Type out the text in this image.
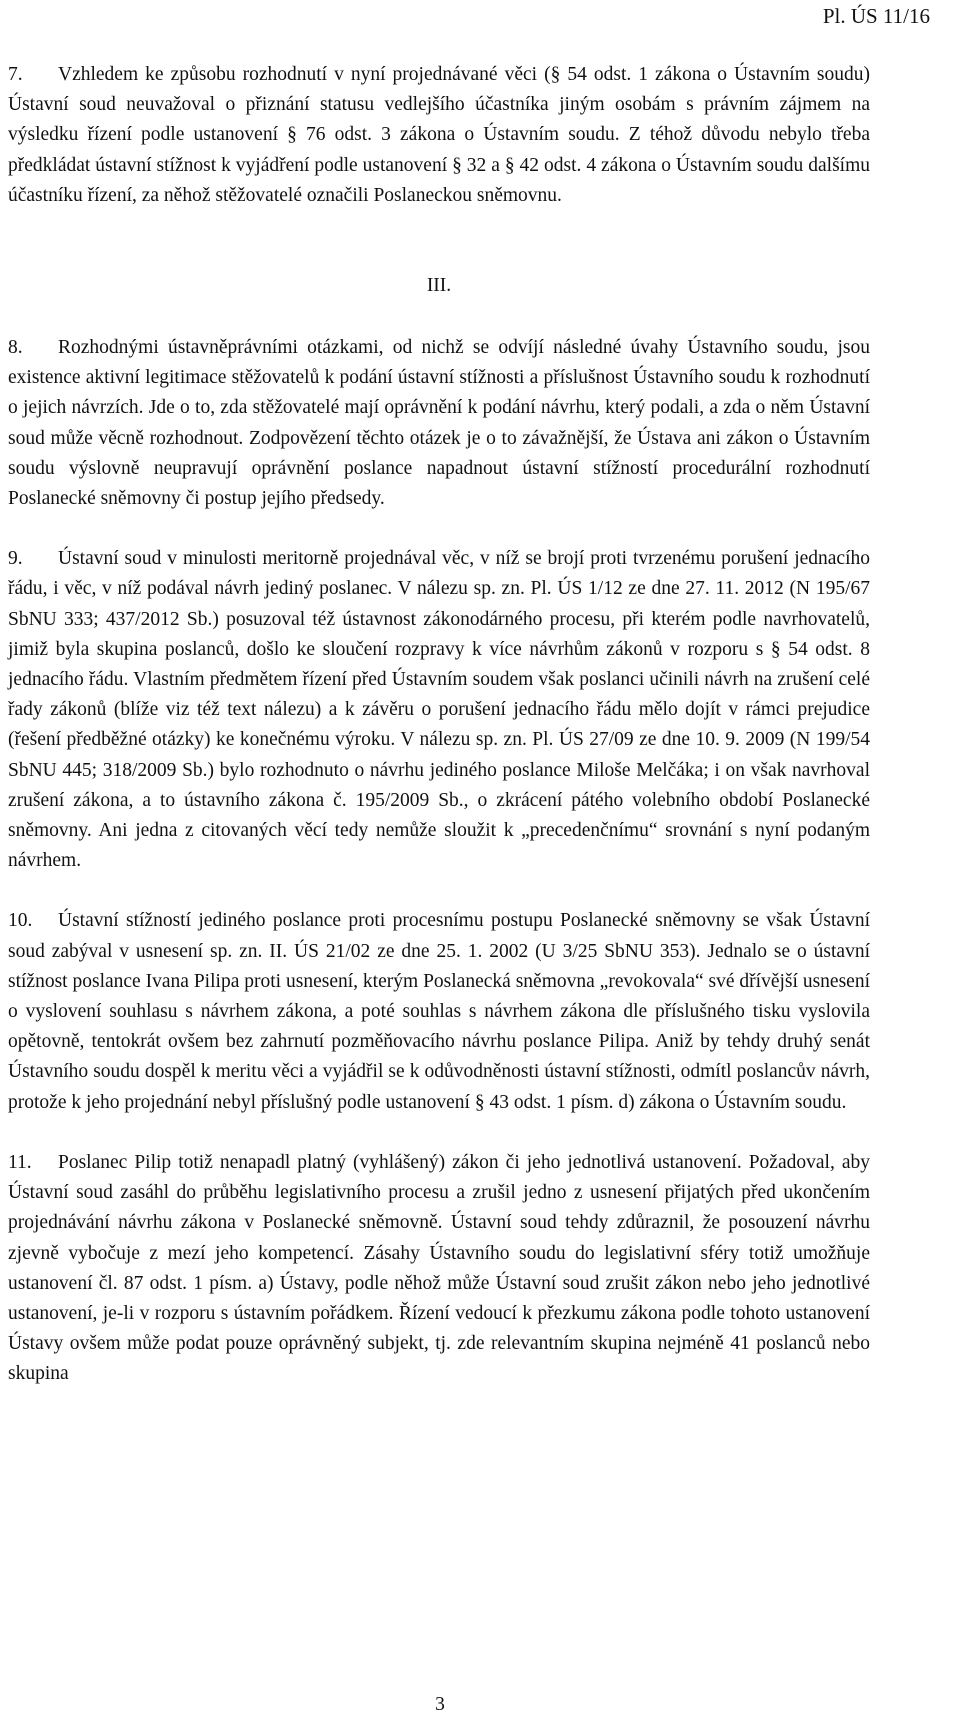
Pl. ÚS 11/16

7. Vzhledem ke způsobu rozhodnutí v nyní projednávané věci (§ 54 odst. 1 zákona o Ústavním soudu) Ústavní soud neuvažoval o přiznání statusu vedlejšího účastníka jiným osobám s právním zájmem na výsledku řízení podle ustanovení § 76 odst. 3 zákona o Ústavním soudu. Z téhož důvodu nebylo třeba předkládat ústavní stížnost k vyjádření podle ustanovení § 32 a § 42 odst. 4 zákona o Ústavním soudu dalšímu účastníku řízení, za něhož stěžovatelé označili Poslaneckou sněmovnu.

III.

8. Rozhodnými ústavněprávními otázkami, od nichž se odvíjí následné úvahy Ústavního soudu, jsou existence aktivní legitimace stěžovatelů k podání ústavní stížnosti a příslušnost Ústavního soudu k rozhodnutí o jejich návrzích. Jde o to, zda stěžovatelé mají oprávnění k podání návrhu, který podali, a zda o něm Ústavní soud může věcně rozhodnout. Zodpovězení těchto otázek je o to závažnější, že Ústava ani zákon o Ústavním soudu výslovně neupravují oprávnění poslance napadnout ústavní stížností procedurální rozhodnutí Poslanecké sněmovny či postup jejího předsedy.

9. Ústavní soud v minulosti meritorně projednával věc, v níž se brojí proti tvrzenému porušení jednacího řádu, i věc, v níž podával návrh jediný poslanec. V nálezu sp. zn. Pl. ÚS 1/12 ze dne 27. 11. 2012 (N 195/67 SbNU 333; 437/2012 Sb.) posuzoval též ústavnost zákonodárného procesu, při kterém podle navrhovatelů, jimiž byla skupina poslanců, došlo ke sloučení rozpravy k více návrhům zákonů v rozporu s § 54 odst. 8 jednacího řádu. Vlastním předmětem řízení před Ústavním soudem však poslanci učinili návrh na zrušení celé řady zákonů (blíže viz též text nálezu) a k závěru o porušení jednacího řádu mělo dojít v rámci prejudice (řešení předběžné otázky) ke konečnému výroku. V nálezu sp. zn. Pl. ÚS 27/09 ze dne 10. 9. 2009 (N 199/54 SbNU 445; 318/2009 Sb.) bylo rozhodnuto o návrhu jediného poslance Miloše Melčáka; i on však navrhoval zrušení zákona, a to ústavního zákona č. 195/2009 Sb., o zkrácení pátého volebního období Poslanecké sněmovny. Ani jedna z citovaných věcí tedy nemůže sloužit k „precedenčnímu“ srovnání s nyní podaným návrhem.

10. Ústavní stížností jediného poslance proti procesnímu postupu Poslanecké sněmovny se však Ústavní soud zabýval v usnesení sp. zn. II. ÚS 21/02 ze dne 25. 1. 2002 (U 3/25 SbNU 353). Jednalo se o ústavní stížnost poslance Ivana Pilipa proti usnesení, kterým Poslanecká sněmovna „revokovala“ své dřívější usnesení o vyslovení souhlasu s návrhem zákona, a poté souhlas s návrhem zákona dle příslušného tisku vyslovila opětovně, tentokrát ovšem bez zahrnutí pozměňovacího návrhu poslance Pilipa. Aniž by tehdy druhý senát Ústavního soudu dospěl k meritu věci a vyjádřil se k odůvodněnosti ústavní stížnosti, odmítl poslancův návrh, protože k jeho projednání nebyl příslušný podle ustanovení § 43 odst. 1 písm. d) zákona o Ústavním soudu.

11. Poslanec Pilip totiž nenapadl platný (vyhlášený) zákon či jeho jednotlivá ustanovení. Požadoval, aby Ústavní soud zasáhl do průběhu legislativního procesu a zrušil jedno z usnesení přijatých před ukončením projednávání návrhu zákona v Poslanecké sněmovně. Ústavní soud tehdy zdůraznil, že posouzení návrhu zjevně vybočuje z mezí jeho kompetencí. Zásahy Ústavního soudu do legislativní sféry totiž umožňuje ustanovení čl. 87 odst. 1 písm. a) Ústavy, podle něhož může Ústavní soud zrušit zákon nebo jeho jednotlivé ustanovení, je-li v rozporu s ústavním pořádkem. Řízení vedoucí k přezkumu zákona podle tohoto ustanovení Ústavy ovšem může podat pouze oprávněný subjekt, tj. zde relevantním skupina nejméně 41 poslanců nebo skupina

3
